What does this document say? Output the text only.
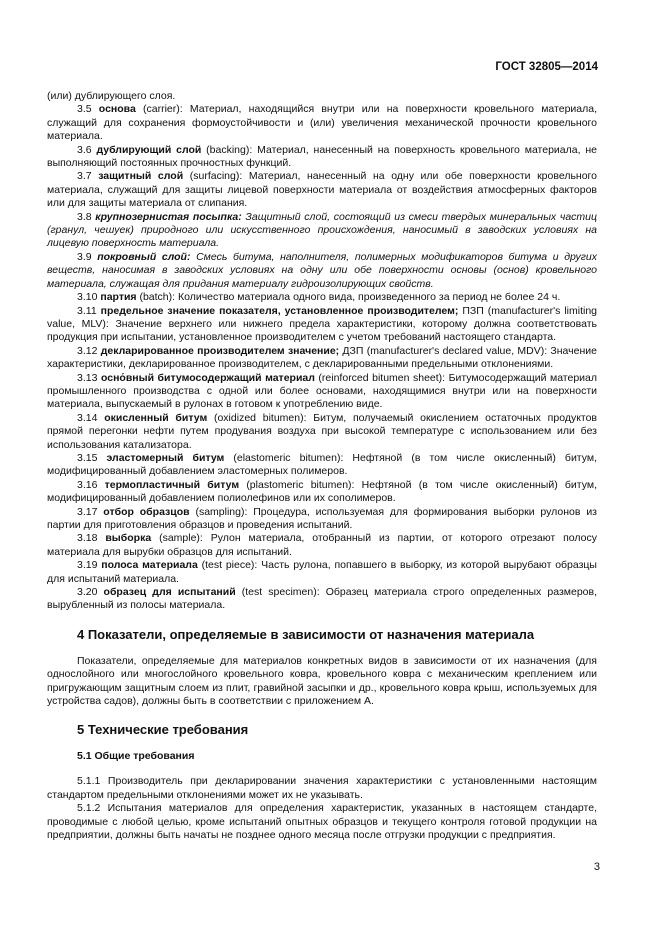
ГОСТ 32805—2014

(или) дублирующего слоя.

3.5 основа (carrier): Материал, находящийся внутри или на поверхности кровельного материала, служащий для сохранения формоустойчивости и (или) увеличения механической прочности кровельного материала.

3.6 дублирующий слой (backing): Материал, нанесенный на поверхность кровельного материала, не выполняющий постоянных прочностных функций.

3.7 защитный слой (surfacing): Материал, нанесенный на одну или обе поверхности кровельного материала, служащий для защиты лицевой поверхности материала от воздействия атмосферных факторов или для защиты материала от слипания.

3.8 крупнозернистая посыпка: Защитный слой, состоящий из смеси твердых минеральных частиц (гранул, чешуек) природного или искусственного происхождения, наносимый в заводских условиях на лицевую поверхность материала.

3.9 покровный слой: Смесь битума, наполнителя, полимерных модификаторов битума и других веществ, наносимая в заводских условиях на одну или обе поверхности основы (основ) кровельного материала, служащая для придания материалу гидроизолирующих свойств.

3.10 партия (batch): Количество материала одного вида, произведенного за период не более 24 ч.

3.11 предельное значение показателя, установленное производителем; ПЗП (manufacturer's limiting value, MLV): Значение верхнего или нижнего предела характеристики, которому должна соответствовать продукция при испытании, установленное производителем с учетом требований настоящего стандарта.

3.12 декларированное производителем значение; ДЗП (manufacturer's declared value, MDV): Значение характеристики, декларированное производителем, с декларированными предельными отклонениями.

3.13 осно́вный битумосодержащий материал (reinforced bitumen sheet): Битумосодержащий материал промышленного производства с одной или более основами, находящимися внутри или на поверхности материала, выпускаемый в рулонах в готовом к употреблению виде.

3.14 окисленный битум (oxidized bitumen): Битум, получаемый окислением остаточных продуктов прямой перегонки нефти путем продувания воздуха при высокой температуре с использованием или без использования катализатора.

3.15 эластомерный битум (elastomeric bitumen): Нефтяной (в том числе окисленный) битум, модифицированный добавлением эластомерных полимеров.

3.16 термопластичный битум (plastomeric bitumen): Нефтяной (в том числе окисленный) битум, модифицированный добавлением полиолефинов или их сополимеров.

3.17 отбор образцов (sampling): Процедура, используемая для формирования выборки рулонов из партии для приготовления образцов и проведения испытаний.

3.18 выборка (sample): Рулон материала, отобранный из партии, от которого отрезают полосу материала для вырубки образцов для испытаний.

3.19 полоса материала (test piece): Часть рулона, попавшего в выборку, из которой вырубают образцы для испытаний материала.

3.20 образец для испытаний (test specimen): Образец материала строго определенных размеров, вырубленный из полосы материала.

4 Показатели, определяемые в зависимости от назначения материала

Показатели, определяемые для материалов конкретных видов в зависимости от их назначения (для однослойного или многослойного кровельного ковра, кровельного ковра с механическим креплением или пригружающим защитным слоем из плит, гравийной засыпки и др., кровельного ковра крыш, используемых для устройства садов), должны быть в соответствии с приложением А.

5 Технические требования
5.1 Общие требования

5.1.1 Производитель при декларировании значения характеристики с установленными настоящим стандартом предельными отклонениями может их не указывать.

5.1.2 Испытания материалов для определения характеристик, указанных в настоящем стандарте, проводимые с любой целью, кроме испытаний опытных образцов и текущего контроля готовой продукции на предприятии, должны быть начаты не позднее одного месяца после отгрузки продукции с предприятия.

3
